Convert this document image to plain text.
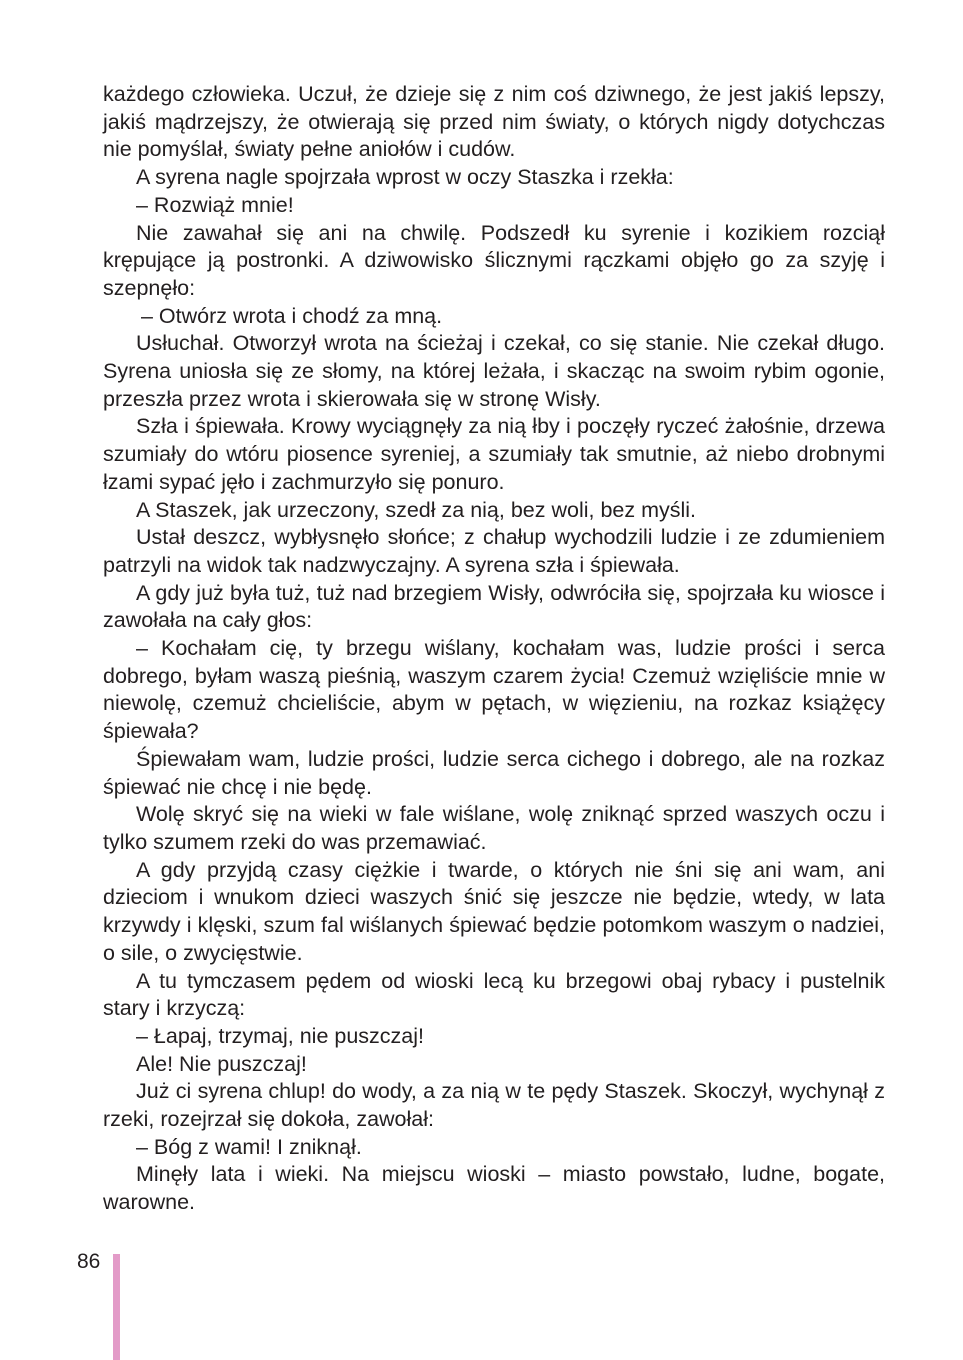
każdego człowieka. Uczuł, że dzieje się z nim coś dziwnego, że jest jakiś lepszy, jakiś mądrzejszy, że otwierają się przed nim światy, o których nigdy dotychczas nie pomyślał, światy pełne aniołów i cudów.

A syrena nagle spojrzała wprost w oczy Staszka i rzekła:

– Rozwiąż mnie!

Nie zawahał się ani na chwilę. Podszedł ku syrenie i kozikiem rozciął krępujące ją postronki. A dziwowisko ślicznymi rączkami objęło go za szyję i szepnęło:

– Otwórz wrota i chodź za mną.

Usłuchał. Otworzył wrota na ścieżaj i czekał, co się stanie. Nie czekał długo. Syrena uniosła się ze słomy, na której leżała, i skacząc na swoim rybim ogonie, przeszła przez wrota i skierowała się w stronę Wisły.

Szła i śpiewała. Krowy wyciągnęły za nią łby i poczęły ryczeć żałośnie, drzewa szumiały do wtóru piosence syreniej, a szumiały tak smutnie, aż niebo drobnymi łzami sypać jęło i zachmurzyło się ponuro.

A Staszek, jak urzeczony, szedł za nią, bez woli, bez myśli.

Ustał deszcz, wybłysnęło słońce; z chałup wychodzili ludzie i ze zdumieniem patrzyli na widok tak nadzwyczajny. A syrena szła i śpiewała.

A gdy już była tuż, tuż nad brzegiem Wisły, odwróciła się, spojrzała ku wiosce i zawołała na cały głos:

– Kochałam cię, ty brzegu wiślany, kochałam was, ludzie prości i serca dobrego, byłam waszą pieśnią, waszym czarem życia! Czemuż wzięliście mnie w niewolę, czemuż chcieliście, abym w pętach, w więzieniu, na rozkaz książęcy śpiewała?

Śpiewałam wam, ludzie prości, ludzie serca cichego i dobrego, ale na rozkaz śpiewać nie chcę i nie będę.

Wolę skryć się na wieki w fale wiślane, wolę zniknąć sprzed waszych oczu i tylko szumem rzeki do was przemawiać.

A gdy przyjdą czasy ciężkie i twarde, o których nie śni się ani wam, ani dzieciom i wnukom dzieci waszych śnić się jeszcze nie będzie, wtedy, w lata krzywdy i klęski, szum fal wiślanych śpiewać będzie potomkom waszym o nadziei, o sile, o zwycięstwie.

A tu tymczasem pędem od wioski lecą ku brzegowi obaj rybacy i pustelnik stary i krzyczą:

– Łapaj, trzymaj, nie puszczaj!

Ale! Nie puszczaj!

Już ci syrena chlup! do wody, a za nią w te pędy Staszek. Skoczył, wychynął z rzeki, rozejrzał się dokoła, zawołał:

– Bóg z wami! I zniknął.

Minęły lata i wieki. Na miejscu wioski – miasto powstało, ludne, bogate, warowne.

86
